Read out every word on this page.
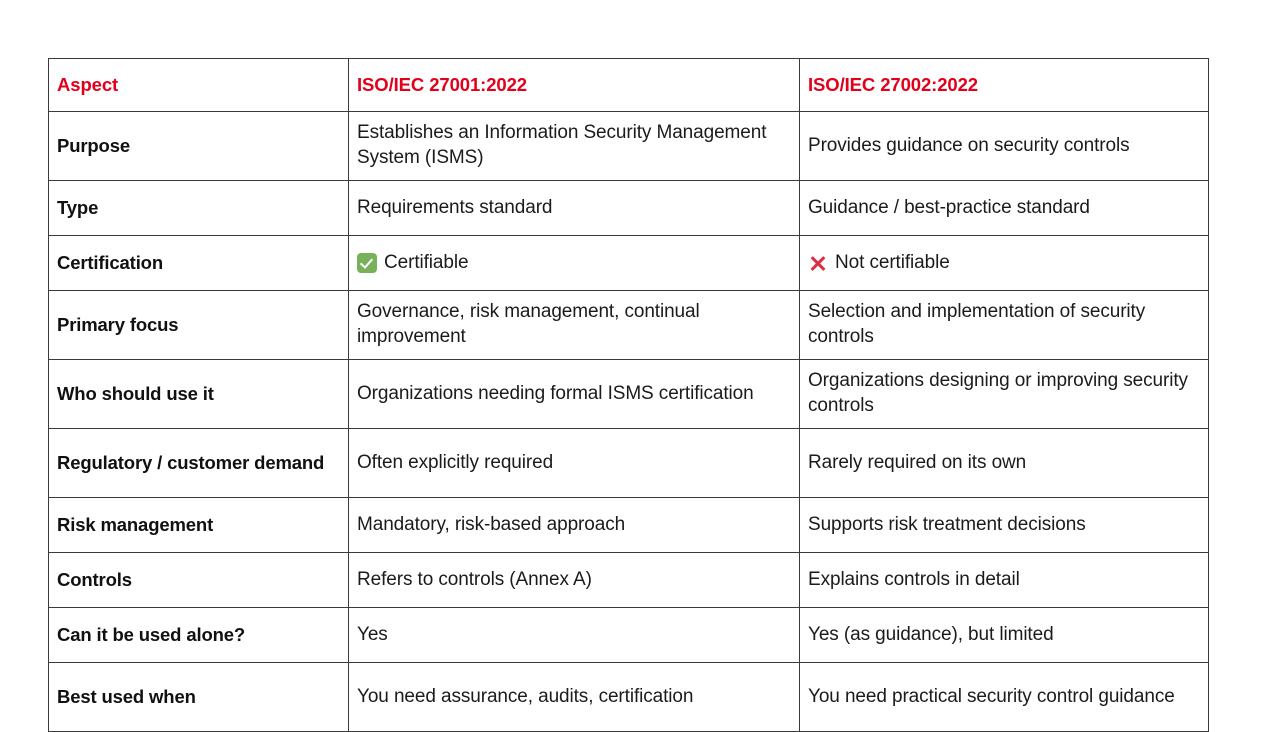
Aspect	ISO/IEC 27001:2022	ISO/IEC 27002:2022

Purpose	Establishes an Information Security Management System (ISMS)	Provides guidance on security controls

Type	Requirements standard	Guidance / best-practice standard

Certification	Certifiable	Not certifiable

Primary focus	Governance, risk management, continual improvement	Selection and implementation of security controls

Who should use it	Organizations needing formal ISMS certification	Organizations designing or improving security controls

Regulatory / customer demand	Often explicitly required	Rarely required on its own

Risk management	Mandatory, risk-based approach	Supports risk treatment decisions

Controls	Refers to controls (Annex A)	Explains controls in detail

Can it be used alone?	Yes	Yes (as guidance), but limited

Best used when	You need assurance, audits, certification	You need practical security control guidance
